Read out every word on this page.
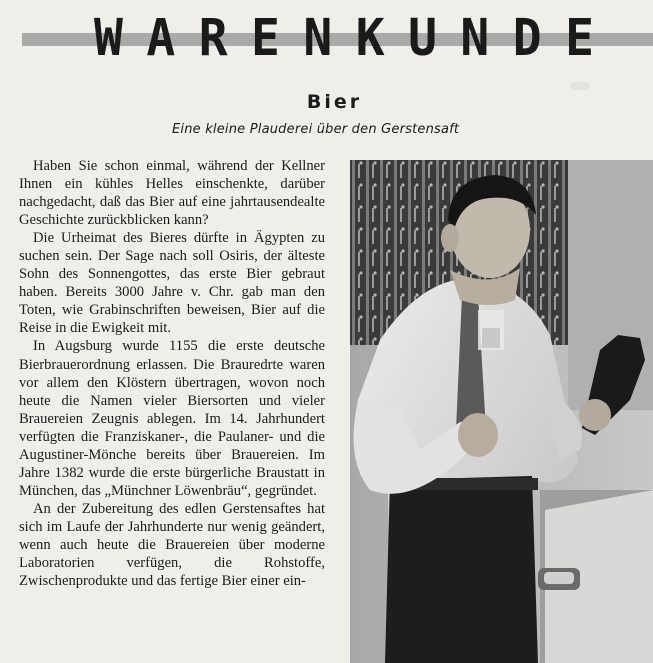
W A R E N K U N D E
Bier
Eine kleine Plauderei über den Gerstensaft

Haben Sie schon einmal, während der Kellner Ihnen ein kühles Helles einschenkte, darüber nachgedacht, daß das Bier auf eine jahrtausendealte Geschichte zurückblicken kann?

Die Urheimat des Bieres dürfte in Ägypten zu suchen sein. Der Sage nach soll Osiris, der älteste Sohn des Sonnengottes, das erste Bier gebraut haben. Bereits 3000 Jahre v. Chr. gab man den Toten, wie Grabinschriften beweisen, Bier auf die Reise in die Ewigkeit mit.

In Augsburg wurde 1155 die erste deutsche Bierbrauerordnung erlassen. Die Brauredrte waren vor allem den Klöstern übertragen, wovon noch heute die Namen vieler Biersorten und vieler Brauereien Zeugnis ablegen. Im 14. Jahrhundert verfügten die Franziskaner-, die Paulaner- und die Augustiner-Mönche bereits über Brauereien. Im Jahre 1382 wurde die erste bürgerliche Braustatt in München, das „Münchner Löwenbräu“, gegründet.

An der Zubereitung des edlen Gerstensaftes hat sich im Laufe der Jahrhunderte nur wenig geändert, wenn auch heute die Brauereien über moderne Laboratorien verfügen, die Rohstoffe, Zwischenprodukte und das fertige Bier einer ein-
